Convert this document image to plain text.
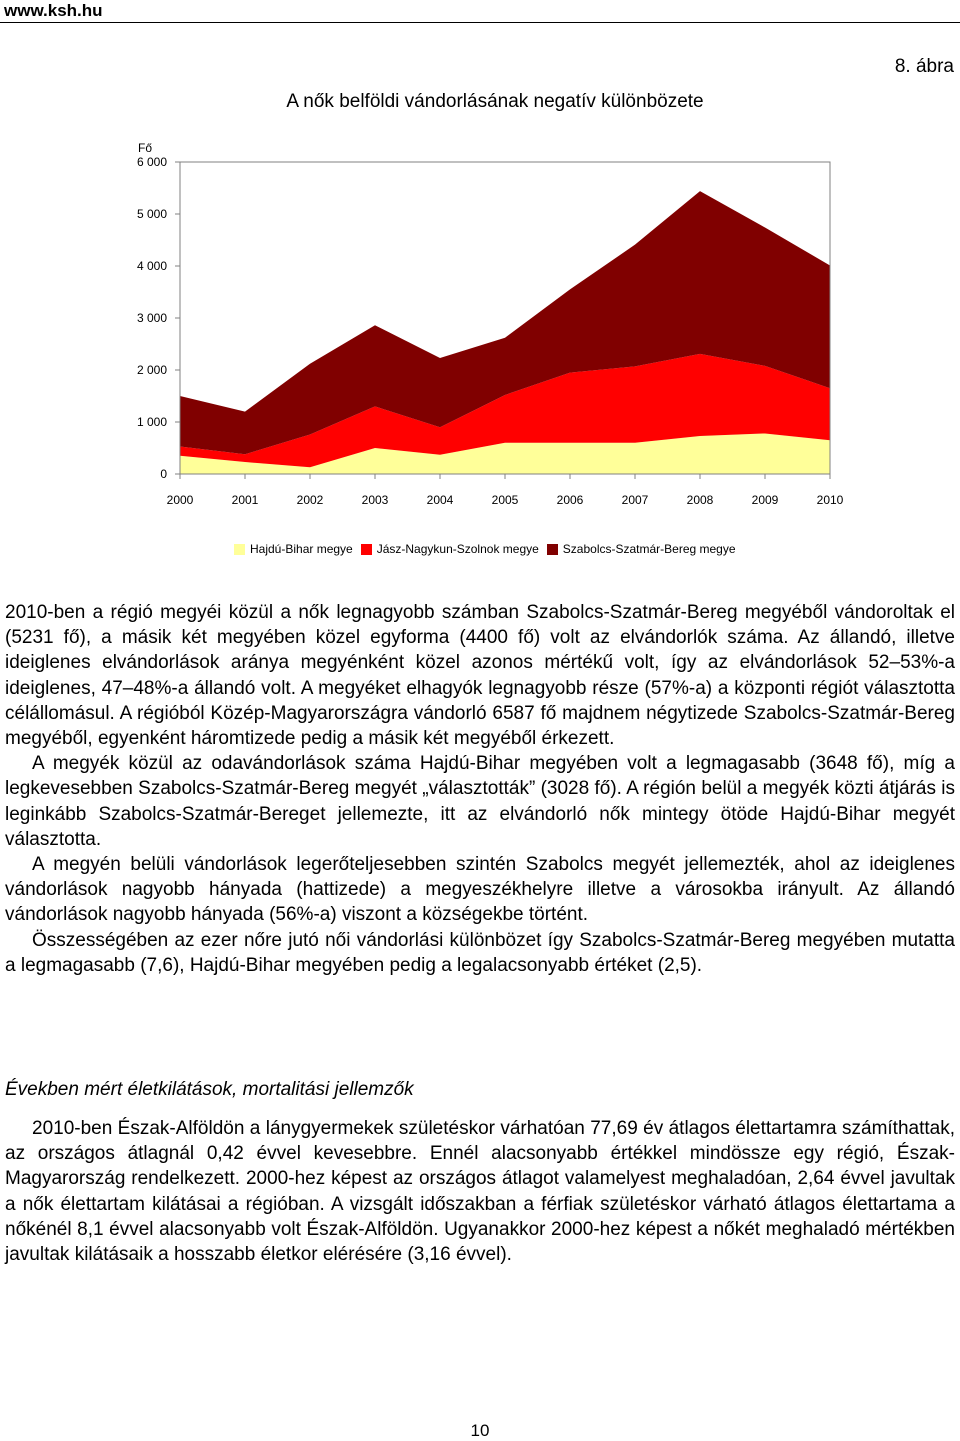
www.ksh.hu
8. ábra
A nők belföldi vándorlásának negatív különbözete
0
1 000
2 000
3 000
4 000
5 000
6 000
2000	2001	2002	2003	2004	2005	2006	2007	2008	2009	2010
Fő
Hajdú-Bihar megye Jász-Nagykun-Szolnok megye Szabolcs-Szatmár-Bereg megye

2010-ben a régió megyéi közül a nők legnagyobb számban Szabolcs-Szatmár-Bereg megyéből vándoroltak el (5231 fő), a másik két megyében közel egyforma (4400 fő) volt az elvándorlók száma. Az állandó, illetve ideiglenes elvándorlások aránya megyénként közel azonos mértékű volt, így az elvándorlások 52–53%-a ideiglenes, 47–48%-a állandó volt. A megyéket elhagyók legnagyobb része (57%-a) a központi régiót választotta célállomásul. A régióból Közép-Magyarországra vándorló 6587 fő majdnem négytizede Szabolcs-Szatmár-Bereg megyéből, egyenként háromtizede pedig a másik két megyéből érkezett.

A megyék közül az odavándorlások száma Hajdú-Bihar megyében volt a legmagasabb (3648 fő), míg a legkevesebben Szabolcs-Szatmár-Bereg megyét „választották” (3028 fő). A régión belül a megyék közti átjárás is leginkább Szabolcs-Szatmár-Bereget jellemezte, itt az elvándorló nők mintegy ötöde Hajdú-Bihar megyét választotta.

A megyén belüli vándorlások legerőteljesebben szintén Szabolcs megyét jellemezték, ahol az ideiglenes vándorlások nagyobb hányada (hattizede) a megyeszékhelyre illetve a városokba irányult. Az állandó vándorlások nagyobb hányada (56%-a) viszont a községekbe történt.

Összességében az ezer nőre jutó női vándorlási különbözet így Szabolcs-Szatmár-Bereg megyében mutatta a legmagasabb (7,6), Hajdú-Bihar megyében pedig a legalacsonyabb értéket (2,5).

Években mért életkilátások, mortalitási jellemzők

2010-ben Észak-Alföldön a lánygyermekek születéskor várhatóan 77,69 év átlagos élettartamra számíthattak, az országos átlagnál 0,42 évvel kevesebbre. Ennél alacsonyabb értékkel mindössze egy régió, Észak-Magyarország rendelkezett. 2000-hez képest az országos átlagot valamelyest meghaladóan, 2,64 évvel javultak a nők élettartam kilátásai a régióban. A vizsgált időszakban a férfiak születéskor várható átlagos élettartama a nőkénél 8,1 évvel alacsonyabb volt Észak-Alföldön. Ugyanakkor 2000-hez képest a nőkét meghaladó mértékben javultak kilátásaik a hosszabb életkor elérésére (3,16 évvel).

10
